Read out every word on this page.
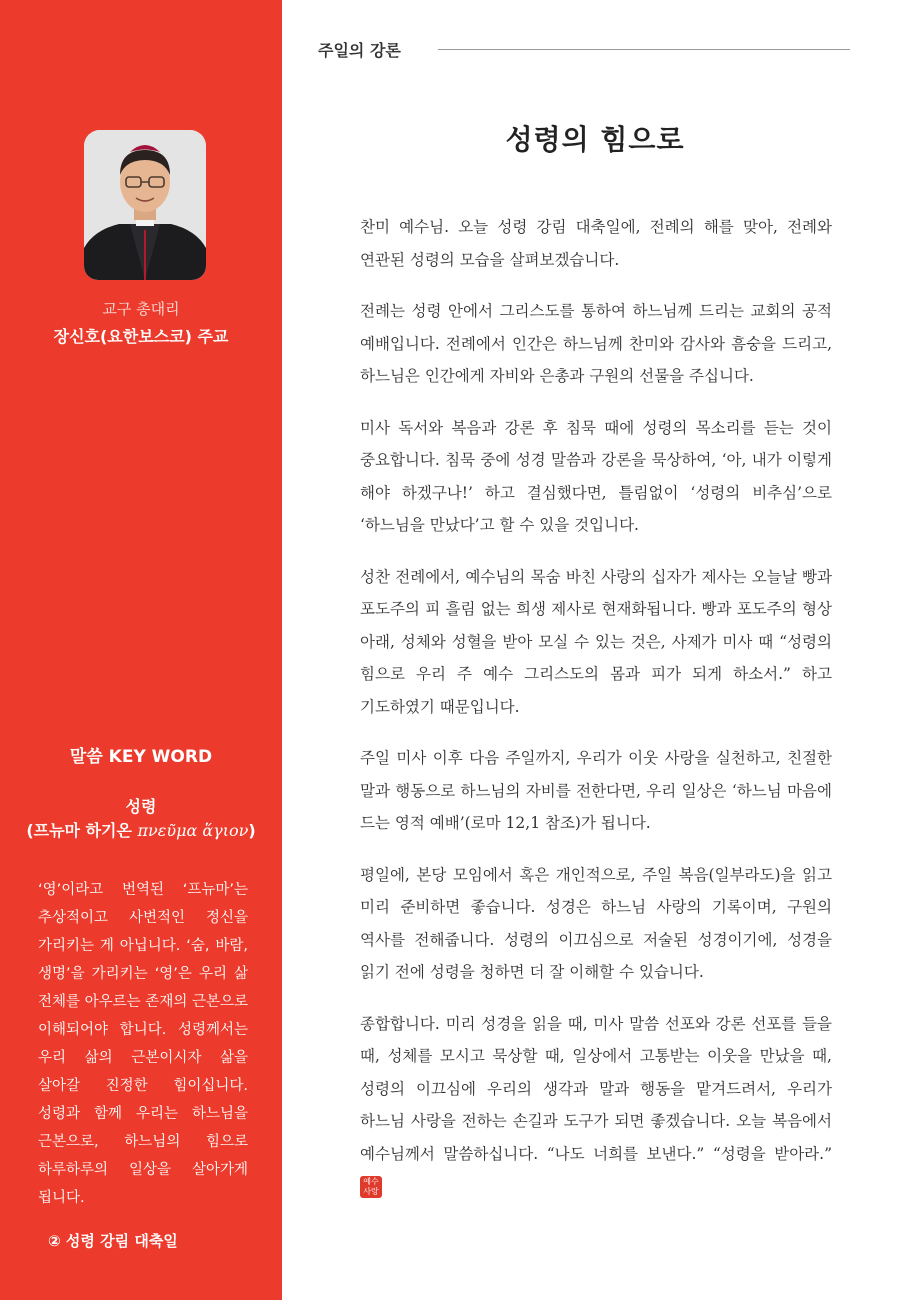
교구 총대리
장신호(요한보스코) 주교
말씀 KEY WORD
성령
(프뉴마 하기온 πνεῦμα ἅγιον)
‘영’이라고 번역된 ‘프뉴마’는 추상적이고 사변적인 정신을 가리키는 게 아닙니다. ‘숨, 바람, 생명’을 가리키는 ‘영’은 우리 삶 전체를 아우르는 존재의 근본으로 이해되어야 합니다. 성령께서는 우리 삶의 근본이시자 삶을 살아갈 진정한 힘이십니다. 성령과 함께 우리는 하느님을 근본으로, 하느님의 힘으로 하루하루의 일상을 살아가게 됩니다.
② 성령 강림 대축일
주일의 강론
성령의 힘으로

찬미 예수님. 오늘 성령 강림 대축일에, 전례의 해를 맞아, 전례와 연관된 성령의 모습을 살펴보겠습니다.

전례는 성령 안에서 그리스도를 통하여 하느님께 드리는 교회의 공적 예배입니다. 전례에서 인간은 하느님께 찬미와 감사와 흠숭을 드리고, 하느님은 인간에게 자비와 은총과 구원의 선물을 주십니다.

미사 독서와 복음과 강론 후 침묵 때에 성령의 목소리를 듣는 것이 중요합니다. 침묵 중에 성경 말씀과 강론을 묵상하여, ‘아, 내가 이렇게 해야 하겠구나!’ 하고 결심했다면, 틀림없이 ‘성령의 비추심’으로 ‘하느님을 만났다’고 할 수 있을 것입니다.

성찬 전례에서, 예수님의 목숨 바친 사랑의 십자가 제사는 오늘날 빵과 포도주의 피 흘림 없는 희생 제사로 현재화됩니다. 빵과 포도주의 형상 아래, 성체와 성혈을 받아 모실 수 있는 것은, 사제가 미사 때 “성령의 힘으로 우리 주 예수 그리스도의 몸과 피가 되게 하소서.” 하고 기도하였기 때문입니다.

주일 미사 이후 다음 주일까지, 우리가 이웃 사랑을 실천하고, 친절한 말과 행동으로 하느님의 자비를 전한다면, 우리 일상은 ‘하느님 마음에 드는 영적 예배’(로마 12,1 참조)가 됩니다.

평일에, 본당 모임에서 혹은 개인적으로, 주일 복음(일부라도)을 읽고 미리 준비하면 좋습니다. 성경은 하느님 사랑의 기록이며, 구원의 역사를 전해줍니다. 성령의 이끄심으로 저술된 성경이기에, 성경을 읽기 전에 성령을 청하면 더 잘 이해할 수 있습니다.

종합합니다. 미리 성경을 읽을 때, 미사 말씀 선포와 강론 선포를 들을 때, 성체를 모시고 묵상할 때, 일상에서 고통받는 이웃을 만났을 때, 성령의 이끄심에 우리의 생각과 말과 행동을 맡겨드려서, 우리가 하느님 사랑을 전하는 손길과 도구가 되면 좋겠습니다. 오늘 복음에서 예수님께서 말씀하십니다. “나도 너희를 보낸다.” “성령을 받아라.” 예수 사랑
